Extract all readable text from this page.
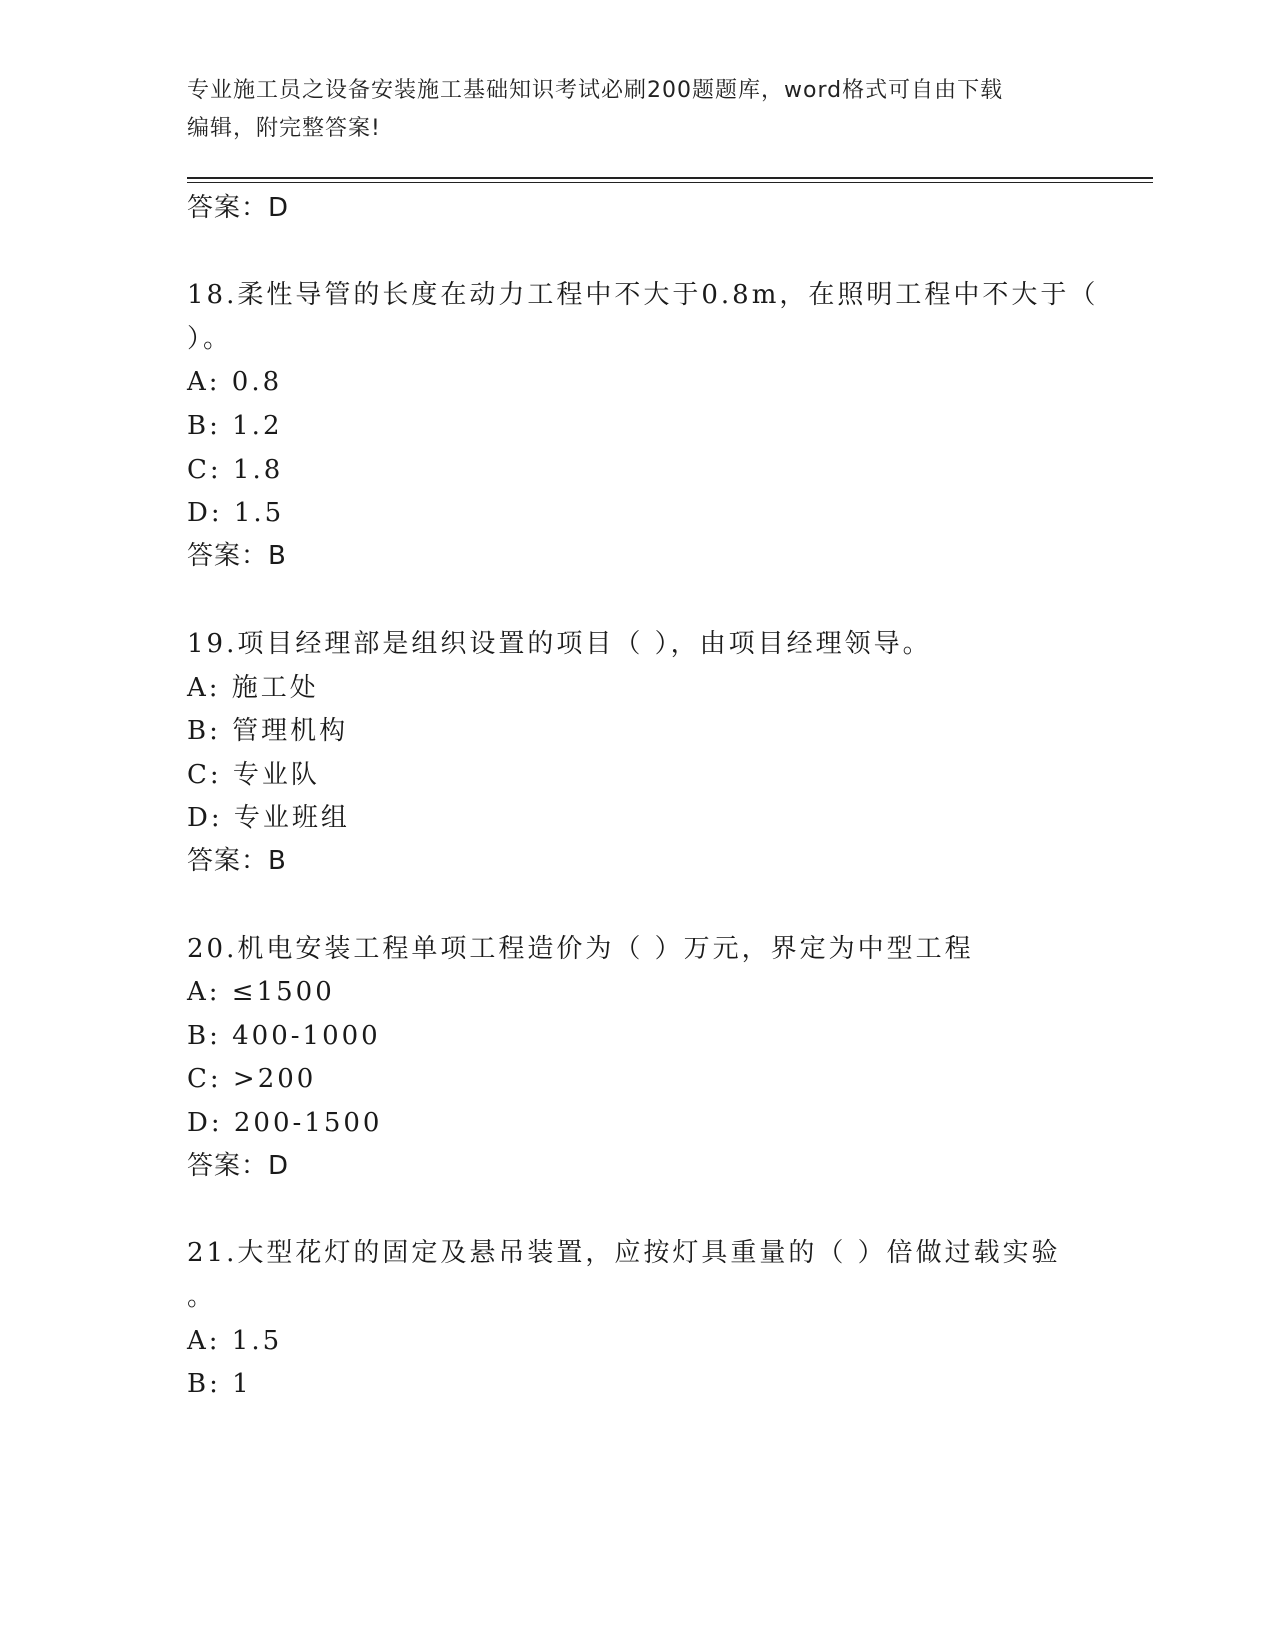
专业施工员之设备安装施工基础知识考试必刷200题题库，word格式可自由下载
编辑，附完整答案!
答案：D
18.柔性导管的长度在动力工程中不大于0.8m，在照明工程中不大于（
）。
A: 0.8
B: 1.2
C: 1.8
D: 1.5
答案：B
19.项目经理部是组织设置的项目（ ），由项目经理领导。
A: 施工处
B: 管理机构
C: 专业队
D: 专业班组
答案：B
20.机电安装工程单项工程造价为（ ）万元，界定为中型工程
A: ≤1500
B: 400-1000
C: >200
D: 200-1500
答案：D
21.大型花灯的固定及悬吊装置，应按灯具重量的（ ）倍做过载实验
。
A: 1.5
B: 1
